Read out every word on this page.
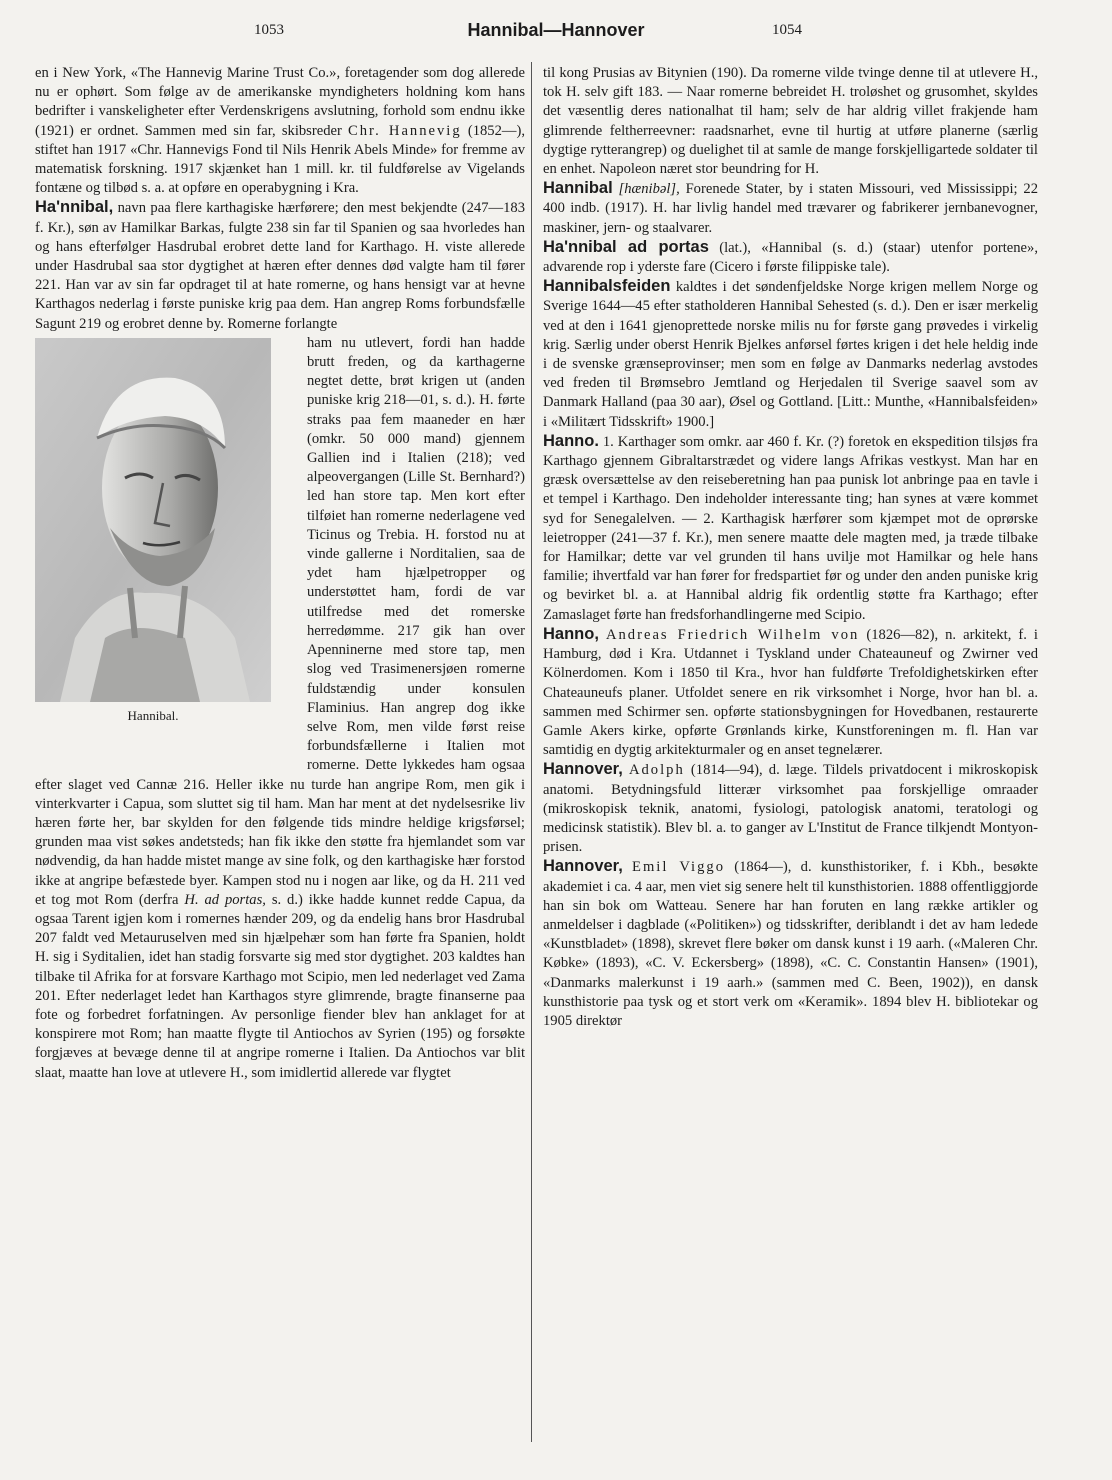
1053	Hannibal—Hannover	1054

en i New York, «The Hannevig Marine Trust Co.», foretagender som dog allerede nu er ophørt. Som følge av de amerikanske myndigheters holdning kom hans bedrifter i vanskeligheter efter Verdenskrigens avslutning, forhold som endnu ikke (1921) er ordnet. Sammen med sin far, skibsreder Chr. Hannevig (1852—), stiftet han 1917 «Chr. Hannevigs Fond til Nils Henrik Abels Minde» for fremme av matematisk forskning. 1917 skjænket han 1 mill. kr. til fuldførelse av Vigelands fontæne og tilbød s. a. at opføre en operabygning i Kra.

Ha'nnibal, navn paa flere karthagiske hærførere; den mest bekjendte (247—183 f. Kr.), søn av Hamilkar Barkas, fulgte 238 sin far til Spanien og saa hvorledes han og hans efterfølger Hasdrubal erobret dette land for Karthago. H. viste allerede under Hasdrubal saa stor dygtighet at hæren efter dennes død valgte ham til fører 221. Han var av sin far opdraget til at hate romerne, og hans hensigt var at hevne Karthagos nederlag i første puniske krig paa dem. Han angrep Roms forbundsfælle Sagunt 219 og erobret denne by. Romerne forlangte

Hannibal.

ham nu utlevert, fordi han hadde brutt freden, og da karthagerne negtet dette, brøt krigen ut (anden puniske krig 218—01, s. d.). H. førte straks paa fem maaneder en hær (omkr. 50 000 mand) gjennem Gallien ind i Italien (218); ved alpeovergangen (Lille St. Bernhard?) led han store tap. Men kort efter tilføiet han romerne nederlagene ved Ticinus og Trebia. H. forstod nu at vinde gallerne i Norditalien, saa de ydet ham hjælpetropper og understøttet ham, fordi de var utilfredse med det romerske herredømme. 217 gik han over Apenninerne med store tap, men slog ved Trasimenersjøen romerne fuldstændig under konsulen Flaminius. Han angrep dog ikke selve Rom, men vilde først reise forbundsfællerne i Italien mot romerne. Dette lykkedes ham ogsaa efter slaget ved Cannæ 216. Heller ikke nu turde han angripe Rom, men gik i vinterkvarter i Capua, som sluttet sig til ham. Man har ment at det nydelsesrike liv hæren førte her, bar skylden for den følgende tids mindre heldige krigsførsel; grunden maa vist søkes andetsteds; han fik ikke den støtte fra hjemlandet som var nødvendig, da han hadde mistet mange av sine folk, og den karthagiske hær forstod ikke at angripe befæstede byer. Kampen stod nu i nogen aar like, og da H. 211 ved et tog mot Rom (derfra H. ad portas, s. d.) ikke hadde kunnet redde Capua, da ogsaa Tarent igjen kom i romernes hænder 209, og da endelig hans bror Hasdrubal 207 faldt ved Metauruselven med sin hjælpehær som han førte fra Spanien, holdt H. sig i Syditalien, idet han stadig forsvarte sig med stor dygtighet. 203 kaldtes han tilbake til Afrika for at forsvare Karthago mot Scipio, men led nederlaget ved Zama 201. Efter nederlaget ledet han Karthagos styre glimrende, bragte finanserne paa fote og forbedret forfatningen. Av personlige fiender blev han anklaget for at konspirere mot Rom; han maatte flygte til Antiochos av Syrien (195) og forsøkte forgjæves at bevæge denne til at angripe romerne i Italien. Da Antiochos var blit slaat, maatte han love at utlevere H., som imidlertid allerede var flygtet

til kong Prusias av Bitynien (190). Da romerne vilde tvinge denne til at utlevere H., tok H. selv gift 183. — Naar romerne bebreidet H. troløshet og grusomhet, skyldes det væsentlig deres nationalhat til ham; selv de har aldrig villet frakjende ham glimrende feltherreevner: raadsnarhet, evne til hurtig at utføre planerne (særlig dygtige rytterangrep) og duelighet til at samle de mange forskjelligartede soldater til en enhet. Napoleon næret stor beundring for H.

Hannibal [hænibəl], Forenede Stater, by i staten Missouri, ved Mississippi; 22 400 indb. (1917). H. har livlig handel med trævarer og fabrikerer jernbanevogner, maskiner, jern- og staalvarer.

Ha'nnibal ad portas (lat.), «Hannibal (s. d.) (staar) utenfor portene», advarende rop i yderste fare (Cicero i første filippiske tale).

Hannibalsfeiden kaldtes i det søndenfjeldske Norge krigen mellem Norge og Sverige 1644—45 efter statholderen Hannibal Sehested (s. d.). Den er især merkelig ved at den i 1641 gjenoprettede norske milis nu for første gang prøvedes i virkelig krig. Særlig under oberst Henrik Bjelkes anførsel førtes krigen i det hele heldig inde i de svenske grænseprovinser; men som en følge av Danmarks nederlag avstodes ved freden til Brømsebro Jemtland og Herjedalen til Sverige saavel som av Danmark Halland (paa 30 aar), Øsel og Gottland. [Litt.: Munthe, «Hannibalsfeiden» i «Militært Tidsskrift» 1900.]

Hanno. 1. Karthager som omkr. aar 460 f. Kr. (?) foretok en ekspedition tilsjøs fra Karthago gjennem Gibraltarstrædet og videre langs Afrikas vestkyst. Man har en græsk oversættelse av den reiseberetning han paa punisk lot anbringe paa en tavle i et tempel i Karthago. Den indeholder interessante ting; han synes at være kommet syd for Senegalelven. — 2. Karthagisk hærfører som kjæmpet mot de oprørske leietropper (241—37 f. Kr.), men senere maatte dele magten med, ja træde tilbake for Hamilkar; dette var vel grunden til hans uvilje mot Hamilkar og hele hans familie; ihvertfald var han fører for fredspartiet før og under den anden puniske krig og bevirket bl. a. at Hannibal aldrig fik ordentlig støtte fra Karthago; efter Zamaslaget førte han fredsforhandlingerne med Scipio.

Hanno, Andreas Friedrich Wilhelm von (1826—82), n. arkitekt, f. i Hamburg, død i Kra. Utdannet i Tyskland under Chateauneuf og Zwirner ved Kölnerdomen. Kom i 1850 til Kra., hvor han fuldførte Trefoldighetskirken efter Chateauneufs planer. Utfoldet senere en rik virksomhet i Norge, hvor han bl. a. sammen med Schirmer sen. opførte stationsbygningen for Hovedbanen, restaurerte Gamle Akers kirke, opførte Grønlands kirke, Kunstforeningen m. fl. Han var samtidig en dygtig arkitekturmaler og en anset tegnelærer.

Hannover, Adolph (1814—94), d. læge. Tildels privatdocent i mikroskopisk anatomi. Betydningsfuld litterær virksomhet paa forskjellige omraader (mikroskopisk teknik, anatomi, fysiologi, patologisk anatomi, teratologi og medicinsk statistik). Blev bl. a. to ganger av L'Institut de France tilkjendt Montyon-prisen.

Hannover, Emil Viggo (1864—), d. kunsthistoriker, f. i Kbh., besøkte akademiet i ca. 4 aar, men viet sig senere helt til kunsthistorien. 1888 offentliggjorde han sin bok om Watteau. Senere har han foruten en lang række artikler og anmeldelser i dagblade («Politiken») og tidsskrifter, deriblandt i det av ham ledede «Kunstbladet» (1898), skrevet flere bøker om dansk kunst i 19 aarh. («Maleren Chr. Købke» (1893), «C. V. Eckersberg» (1898), «C. C. Constantin Hansen» (1901), «Danmarks malerkunst i 19 aarh.» (sammen med C. Been, 1902)), en dansk kunsthistorie paa tysk og et stort verk om «Keramik». 1894 blev H. bibliotekar og 1905 direktør
